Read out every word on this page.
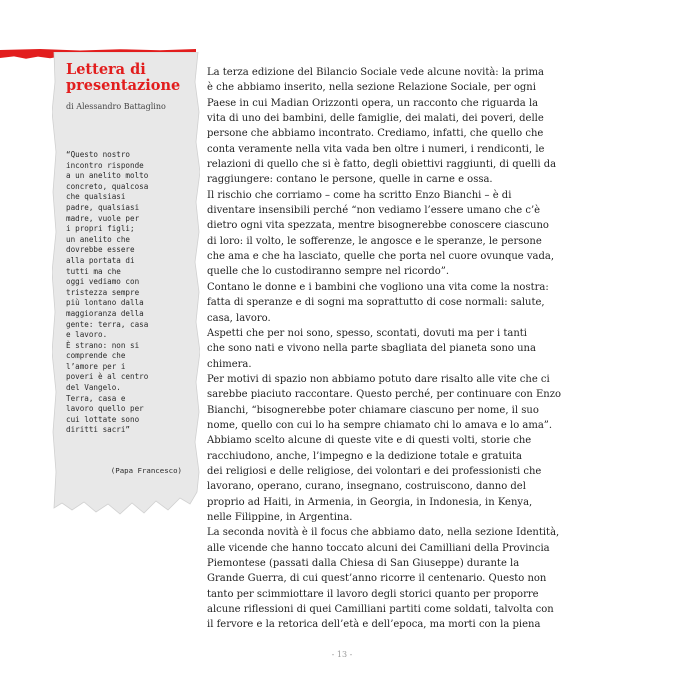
Lettera di
presentazione
di Alessandro Battaglino
“Questo nostro
incontro risponde
a un anelito molto
concreto, qualcosa
che qualsiasi
padre, qualsiasi
madre, vuole per
i propri figli;
un anelito che
dovrebbe essere
alla portata di
tutti ma che
oggi vediamo con
tristezza sempre
più lontano dalla
maggioranza della
gente: terra, casa
e lavoro.
È strano: non si
comprende che
l’amore per i
poveri è al centro
del Vangelo.
Terra, casa e
lavoro quello per
cui lottate sono
diritti sacri”
(Papa Francesco)
La terza edizione del Bilancio Sociale vede alcune novità: la prima
è che abbiamo inserito, nella sezione Relazione Sociale, per ogni
Paese in cui Madian Orizzonti opera, un racconto che riguarda la
vita di uno dei bambini, delle famiglie, dei malati, dei poveri, delle
persone che abbiamo incontrato. Crediamo, infatti, che quello che
conta veramente nella vita vada ben oltre i numeri, i rendiconti, le
relazioni di quello che si è fatto, degli obiettivi raggiunti, di quelli da
raggiungere: contano le persone, quelle in carne e ossa.
Il rischio che corriamo – come ha scritto Enzo Bianchi – è di
diventare insensibili perché “non vediamo l’essere umano che c’è
dietro ogni vita spezzata, mentre bisognerebbe conoscere ciascuno
di loro: il volto, le sofferenze, le angosce e le speranze, le persone
che ama e che ha lasciato, quelle che porta nel cuore ovunque vada,
quelle che lo custodiranno sempre nel ricordo”.
Contano le donne e i bambini che vogliono una vita come la nostra:
fatta di speranze e di sogni ma soprattutto di cose normali: salute,
casa, lavoro.
Aspetti che per noi sono, spesso, scontati, dovuti ma per i tanti
che sono nati e vivono nella parte sbagliata del pianeta sono una
chimera.
Per motivi di spazio non abbiamo potuto dare risalto alle vite che ci
sarebbe piaciuto raccontare. Questo perché, per continuare con Enzo
Bianchi, “bisognerebbe poter chiamare ciascuno per nome, il suo
nome, quello con cui lo ha sempre chiamato chi lo amava e lo ama”.
Abbiamo scelto alcune di queste vite e di questi volti, storie che
racchiudono, anche, l’impegno e la dedizione totale e gratuita
dei religiosi e delle religiose, dei volontari e dei professionisti che
lavorano, operano, curano, insegnano, costruiscono, danno del
proprio ad Haiti, in Armenia, in Georgia, in Indonesia, in Kenya,
nelle Filippine, in Argentina.
La seconda novità è il focus che abbiamo dato, nella sezione Identità,
alle vicende che hanno toccato alcuni dei Camilliani della Provincia
Piemontese (passati dalla Chiesa di San Giuseppe) durante la
Grande Guerra, di cui quest’anno ricorre il centenario. Questo non
tanto per scimmiottare il lavoro degli storici quanto per proporre
alcune riflessioni di quei Camilliani partiti come soldati, talvolta con
il fervore e la retorica dell’età e dell’epoca, ma morti con la piena
- 13 -
